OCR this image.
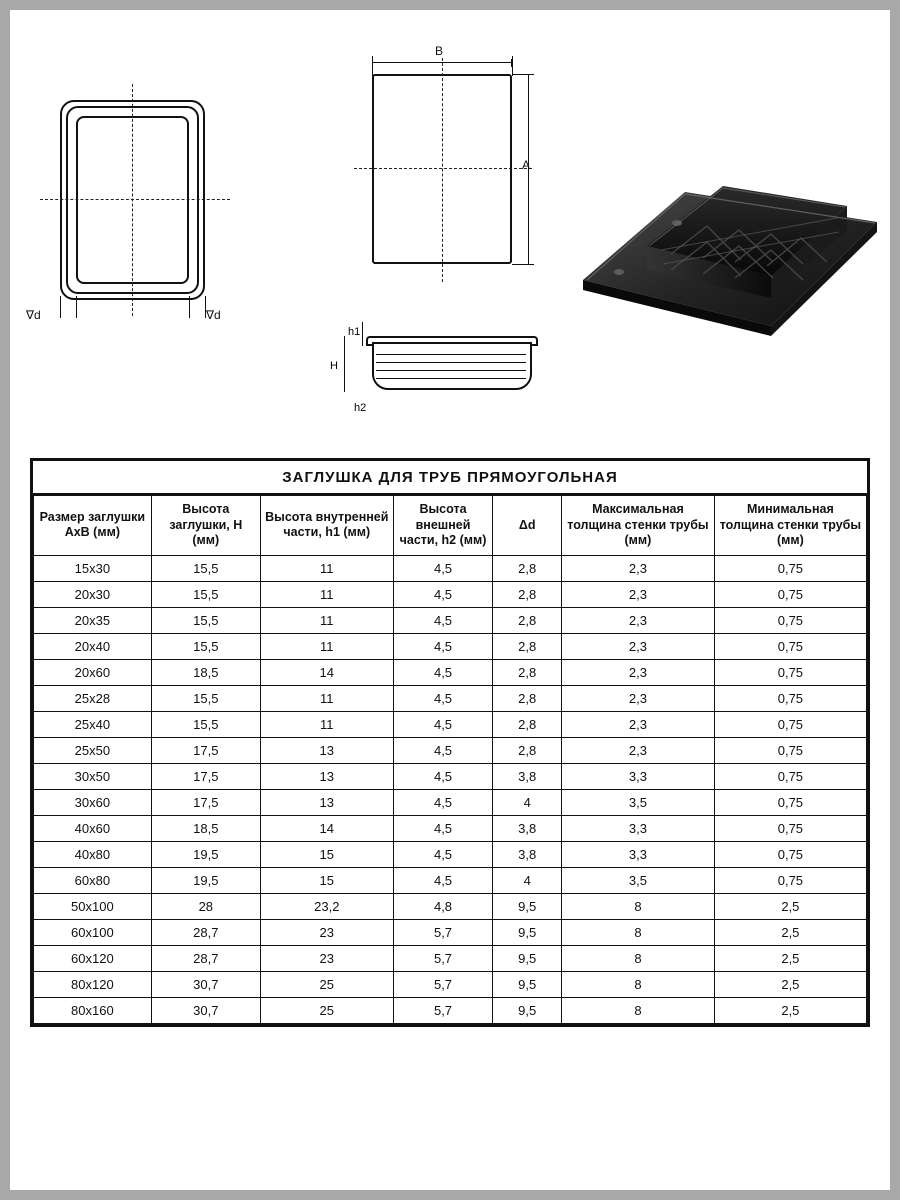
∇d	∇d
B
A
h1
H
h2
ЗАГЛУШКА ДЛЯ ТРУБ ПРЯМОУГОЛЬНАЯ
Размер заглушки AxB (мм)	Высота заглушки, H (мм)	Высота внутренней части, h1 (мм)	Высота внешней части, h2 (мм)	Δd	Максимальная толщина стенки трубы (мм)	Минимальная толщина стенки трубы (мм)
15х30	15,5	11	4,5	2,8	2,3	0,75
20х30	15,5	11	4,5	2,8	2,3	0,75
20х35	15,5	11	4,5	2,8	2,3	0,75
20х40	15,5	11	4,5	2,8	2,3	0,75
20х60	18,5	14	4,5	2,8	2,3	0,75
25х28	15,5	11	4,5	2,8	2,3	0,75
25х40	15,5	11	4,5	2,8	2,3	0,75
25х50	17,5	13	4,5	2,8	2,3	0,75
30х50	17,5	13	4,5	3,8	3,3	0,75
30х60	17,5	13	4,5	4	3,5	0,75
40х60	18,5	14	4,5	3,8	3,3	0,75
40х80	19,5	15	4,5	3,8	3,3	0,75
60х80	19,5	15	4,5	4	3,5	0,75
50х100	28	23,2	4,8	9,5	8	2,5
60х100	28,7	23	5,7	9,5	8	2,5
60х120	28,7	23	5,7	9,5	8	2,5
80х120	30,7	25	5,7	9,5	8	2,5
80х160	30,7	25	5,7	9,5	8	2,5
